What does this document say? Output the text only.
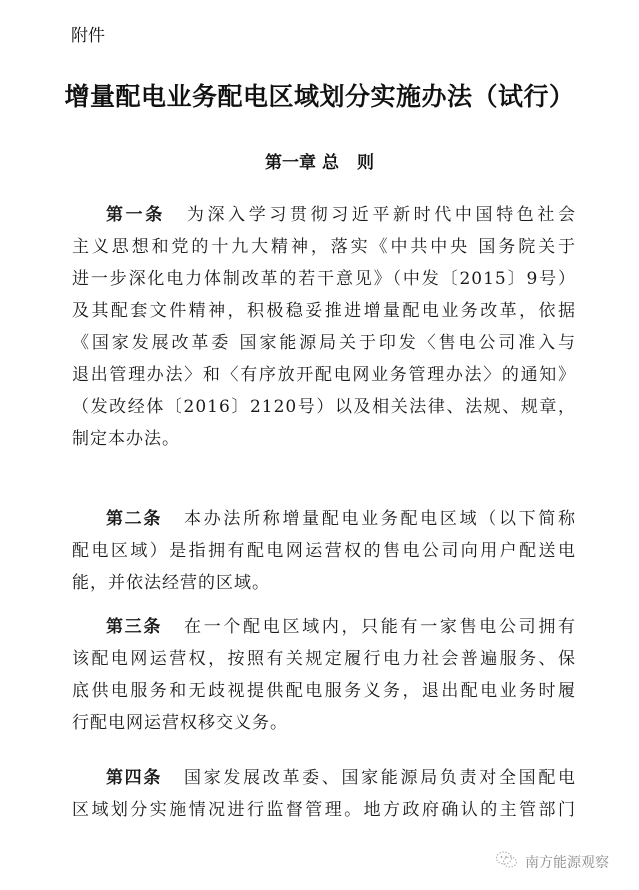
附件
增量配电业务配电区域划分实施办法（试行）
第一章 总 则
第一条 为深入学习贯彻习近平新时代中国特色社会
主义思想和党的十九大精神，落实《中共中央 国务院关于
进一步深化电力体制改革的若干意见》（中发〔2015〕9号）
及其配套文件精神，积极稳妥推进增量配电业务改革，依据
《国家发展改革委 国家能源局关于印发〈售电公司准入与
退出管理办法〉和〈有序放开配电网业务管理办法〉的通知》
（发改经体〔2016〕2120号）以及相关法律、法规、规章，
制定本办法。
第二条 本办法所称增量配电业务配电区域（以下简称
配电区域）是指拥有配电网运营权的售电公司向用户配送电
能，并依法经营的区域。
第三条 在一个配电区域内，只能有一家售电公司拥有
该配电网运营权，按照有关规定履行电力社会普遍服务、保
底供电服务和无歧视提供配电服务义务，退出配电业务时履
行配电网运营权移交义务。
第四条 国家发展改革委、国家能源局负责对全国配电
区域划分实施情况进行监督管理。地方政府确认的主管部门
南方能源观察
